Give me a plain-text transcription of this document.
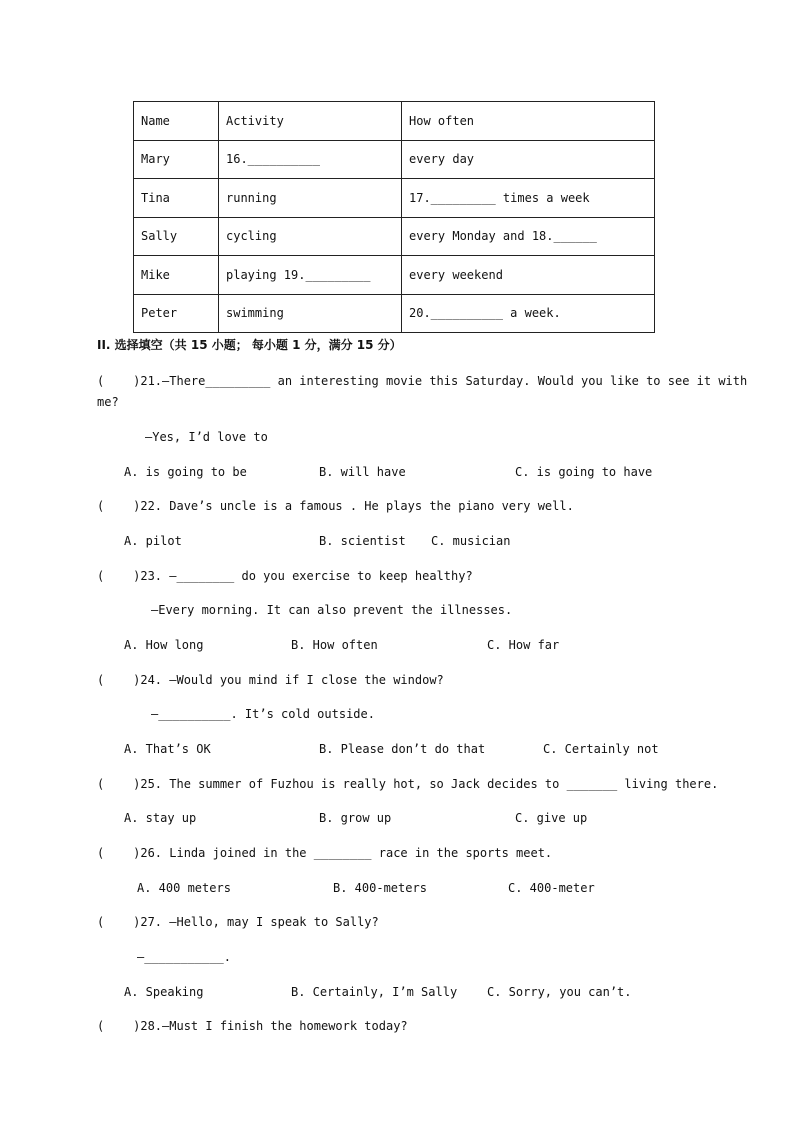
Name	Activity	How often
Mary	16.__________	every day
Tina	running	17._________ times a week
Sally	cycling	every Monday and 18.______
Mike	playing 19._________	every weekend
Peter	swimming	20.__________ a week.
II. 选择填空（共 15 小题； 每小题 1 分，满分 15 分）
(    )21.—There_________ an interesting movie this Saturday. Would you like to see it with
me?
—Yes, I’d love to
A. is going to be	B. will have	C. is going to have
(    )22. Dave’s uncle is a famous . He plays the piano very well.
A. pilot	B. scientist C. musician
(    )23. —________ do you exercise to keep healthy?
—Every morning. It can also prevent the illnesses.
A. How long	B. How often	C. How far
(    )24. —Would you mind if I close the window?
—__________. It’s cold outside.
A. That’s OK	B. Please don’t do that	C. Certainly not
(    )25. The summer of Fuzhou is really hot, so Jack decides to _______ living there.
A. stay up	B. grow up	C. give up
(    )26. Linda joined in the ________ race in the sports meet.
A. 400 meters	B. 400-meters	C. 400-meter
(    )27. —Hello, may I speak to Sally?
—___________.
A. Speaking	B. Certainly, I’m Sally C. Sorry, you can’t.
(    )28.—Must I finish the homework today?
